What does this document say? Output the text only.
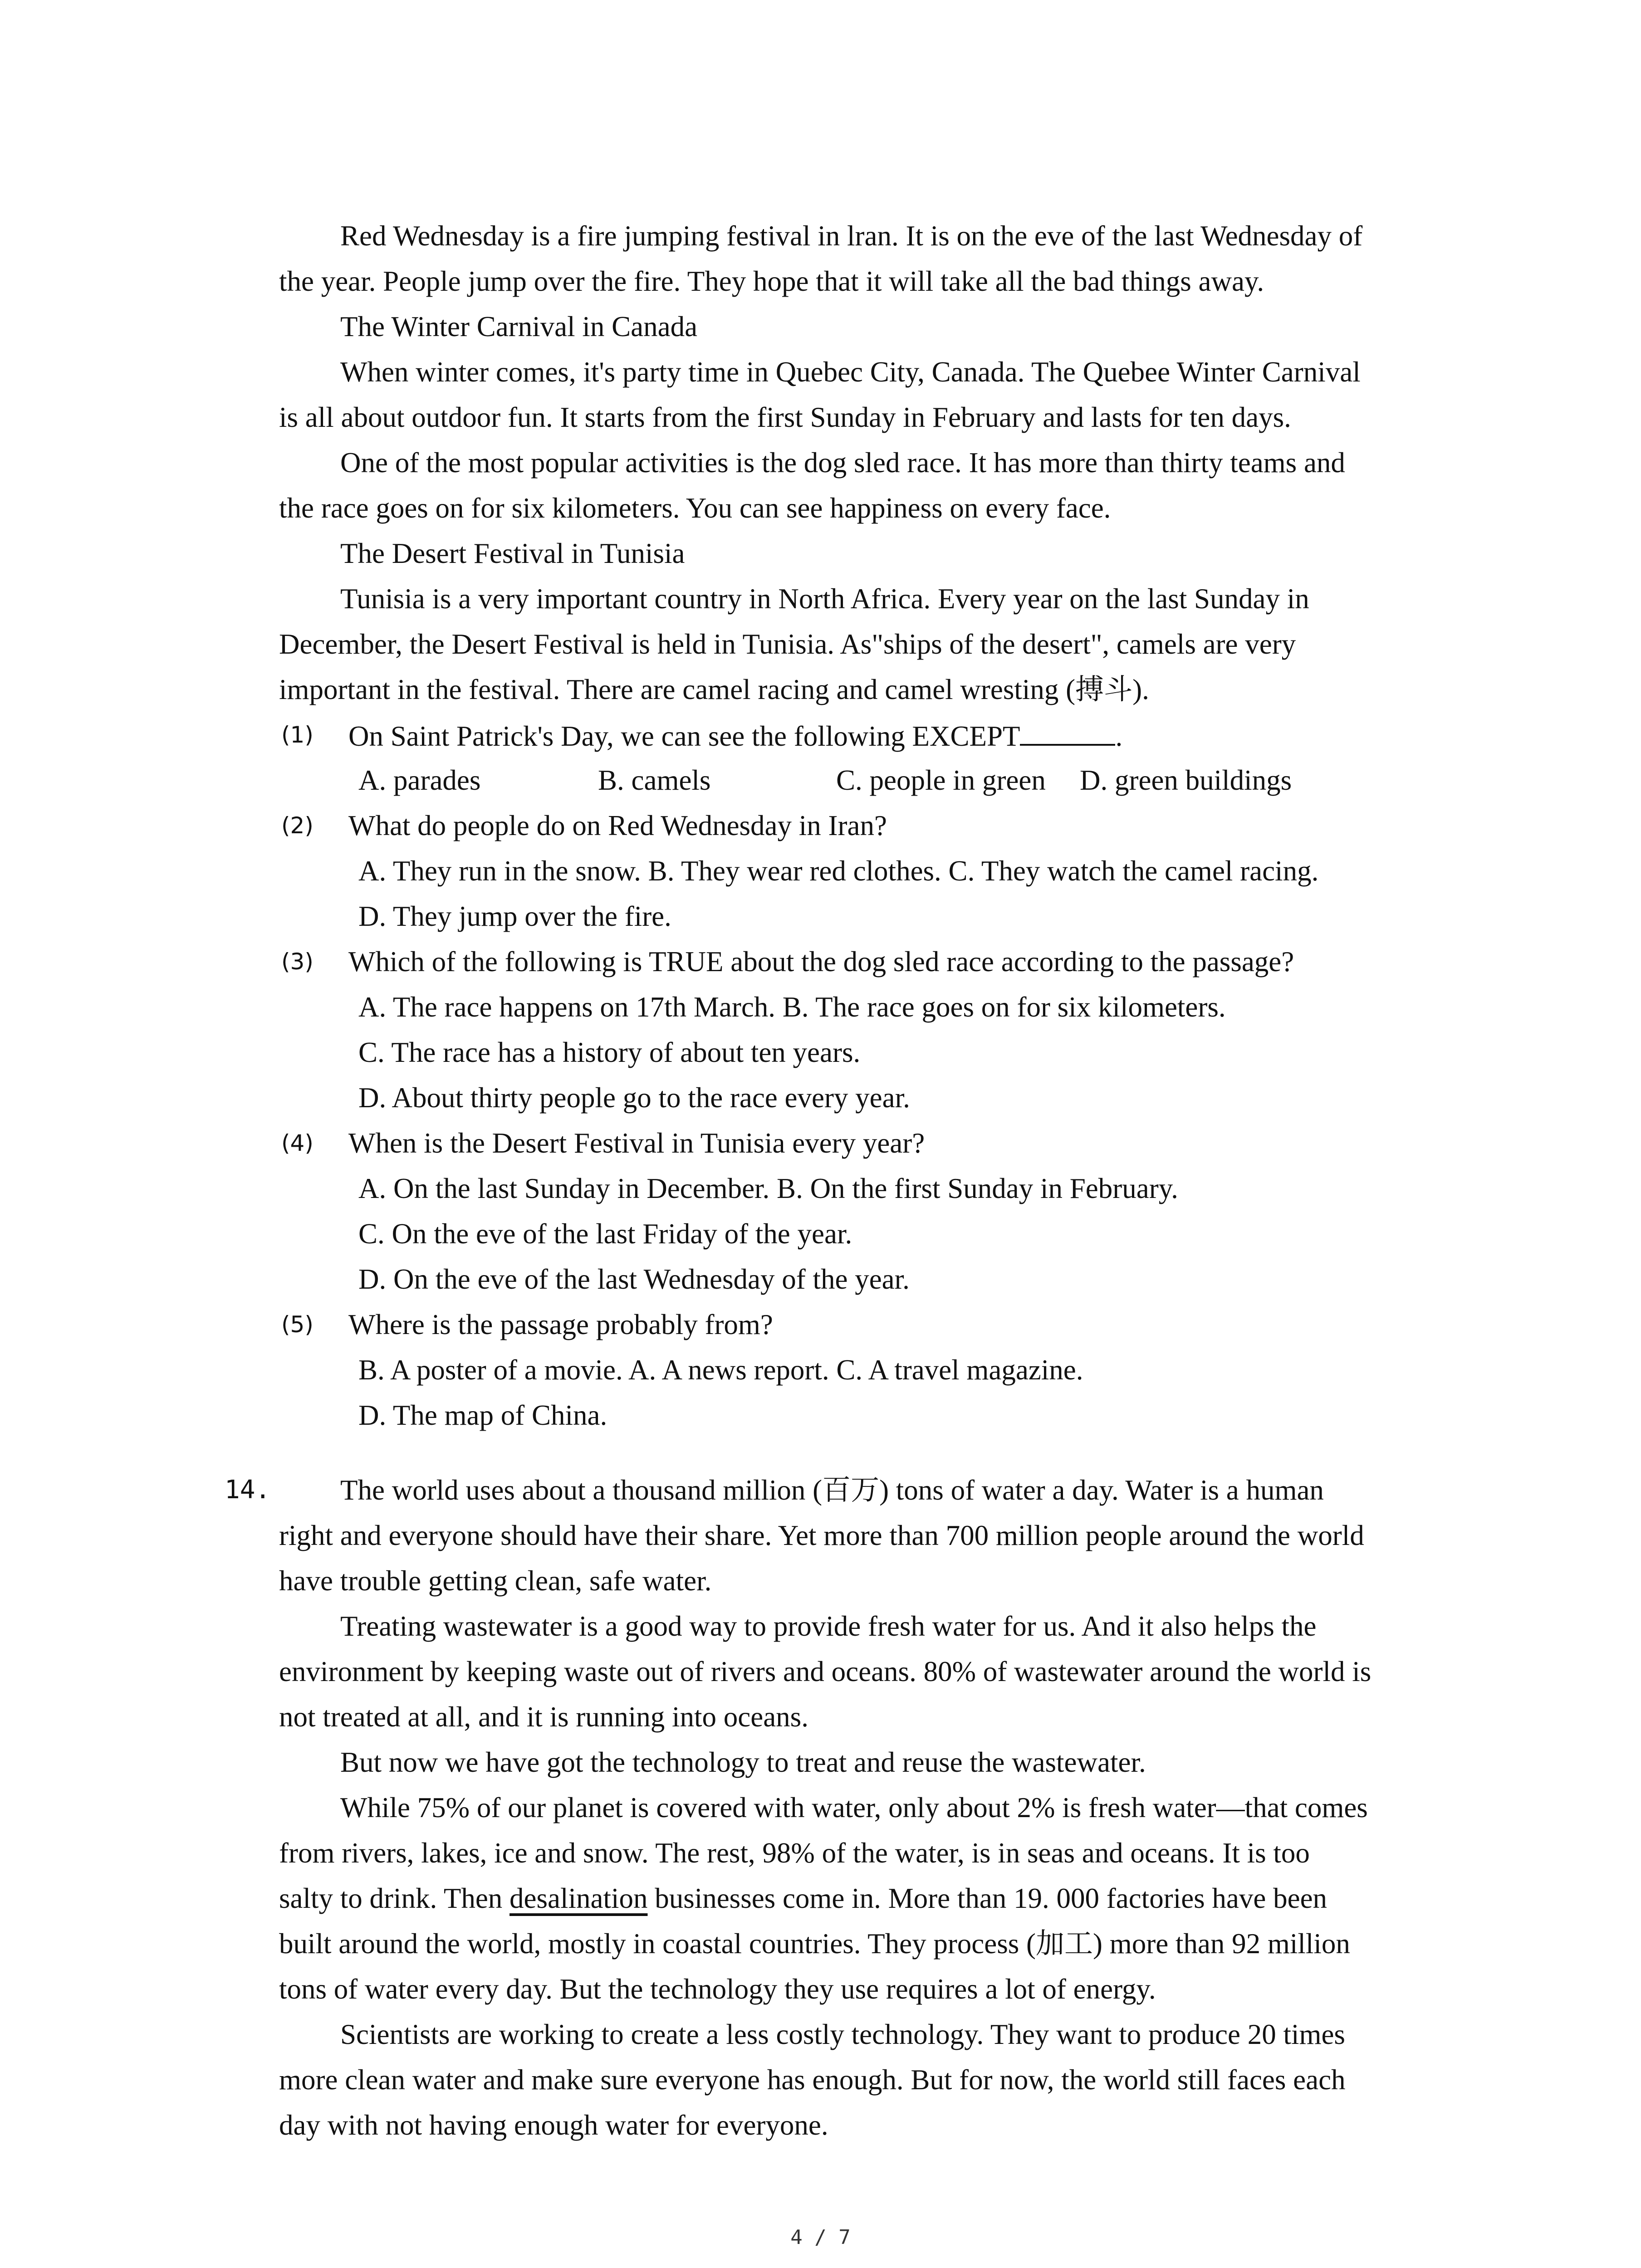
Red Wednesday is a fire jumping festival in lran. It is on the eve of the last Wednesday of
the year. People jump over the fire. They hope that it will take all the bad things away.
The Winter Carnival in Canada
When winter comes, it's party time in Quebec City, Canada. The Quebee Winter Carnival
is all about outdoor fun. It starts from the first Sunday in February and lasts for ten days.
One of the most popular activities is the dog sled race. It has more than thirty teams and
the race goes on for six kilometers. You can see happiness on every face.
The Desert Festival in Tunisia
Tunisia is a very important country in North Africa. Every year on the last Sunday in
December, the Desert Festival is held in Tunisia. As"ships of the desert", camels are very
important in the festival. There are camel racing and camel wresting (搏斗).
(1) On Saint Patrick's Day, we can see the following EXCEPT	.
A. parades	B. camels	C. people in green D. green buildings
(2) What do people do on Red Wednesday in Iran?
A. They run in the snow. B. They wear red clothes. C. They watch the camel racing.
D. They jump over the fire.
(3) Which of the following is TRUE about the dog sled race according to the passage?
A. The race happens on 17th March. B. The race goes on for six kilometers.
C. The race has a history of about ten years.
D. About thirty people go to the race every year.
(4) When is the Desert Festival in Tunisia every year?
A. On the last Sunday in December. B. On the first Sunday in February.
C. On the eve of the last Friday of the year.
D. On the eve of the last Wednesday of the year.
(5) Where is the passage probably from?
B. A poster of a movie. A. A news report. C. A travel magazine.
D. The map of China.
14. The world uses about a thousand million (百万) tons of water a day. Water is a human
right and everyone should have their share. Yet more than 700 million people around the world
have trouble getting clean, safe water.
Treating wastewater is a good way to provide fresh water for us. And it also helps the
environment by keeping waste out of rivers and oceans. 80% of wastewater around the world is
not treated at all, and it is running into oceans.
But now we have got the technology to treat and reuse the wastewater.
While 75% of our planet is covered with water, only about 2% is fresh water—that comes
from rivers, lakes, ice and snow. The rest, 98% of the water, is in seas and oceans. It is too
salty to drink. Then desalination businesses come in. More than 19. 000 factories have been
built around the world, mostly in coastal countries. They process (加工) more than 92 million
tons of water every day. But the technology they use requires a lot of energy.
Scientists are working to create a less costly technology. They want to produce 20 times
more clean water and make sure everyone has enough. But for now, the world still faces each
day with not having enough water for everyone.
4 / 7
